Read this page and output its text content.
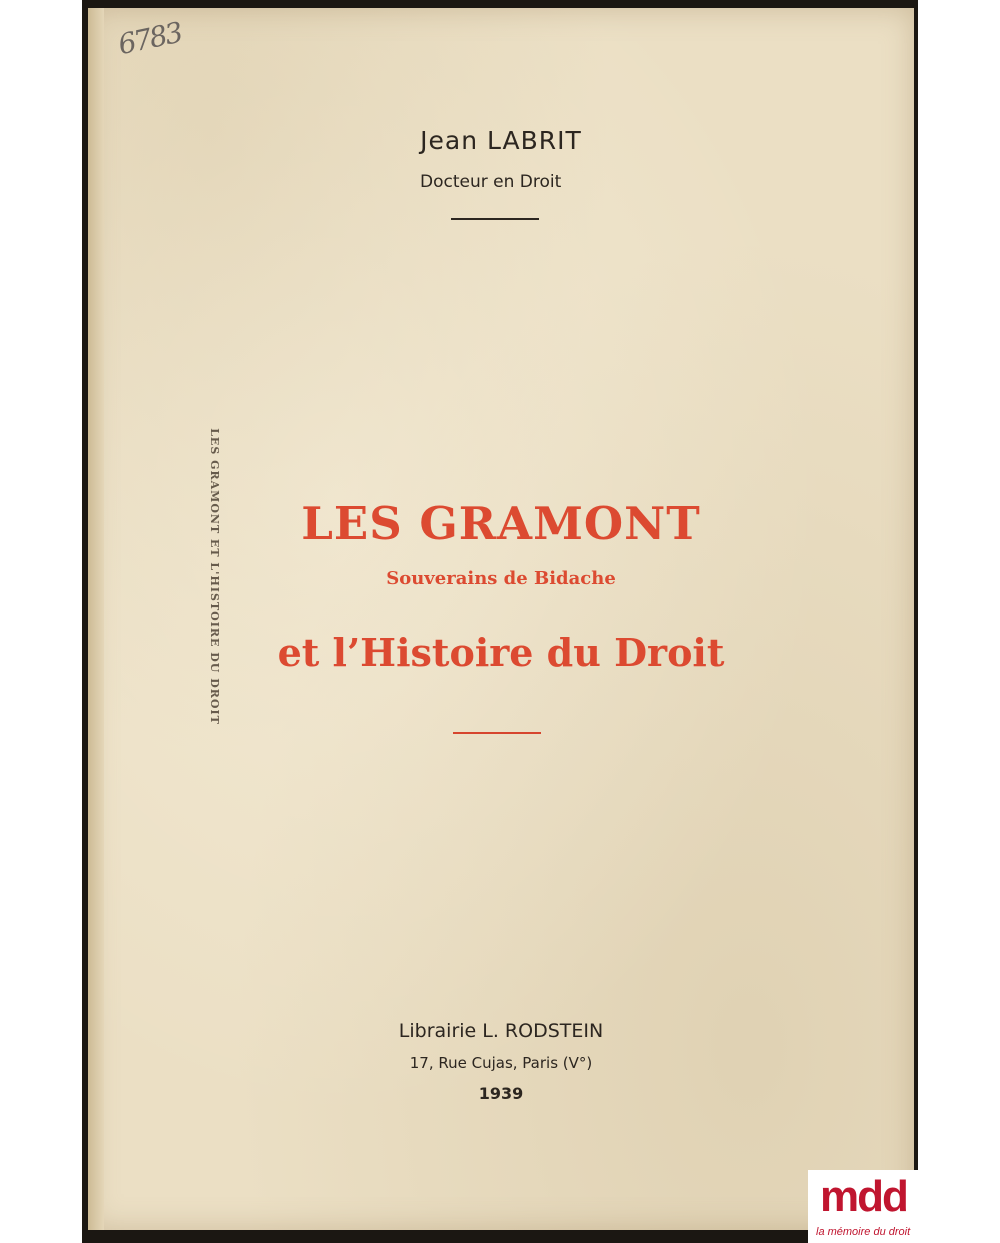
LES GRAMONT ET L'HISTOIRE DU DROIT
6783
Jean LABRIT
Docteur en Droit
LES GRAMONT
Souverains de Bidache
et l’Histoire du Droit
Librairie L. RODSTEIN
17, Rue Cujas, Paris (V°)
1939
mdd
la mémoire du droit
